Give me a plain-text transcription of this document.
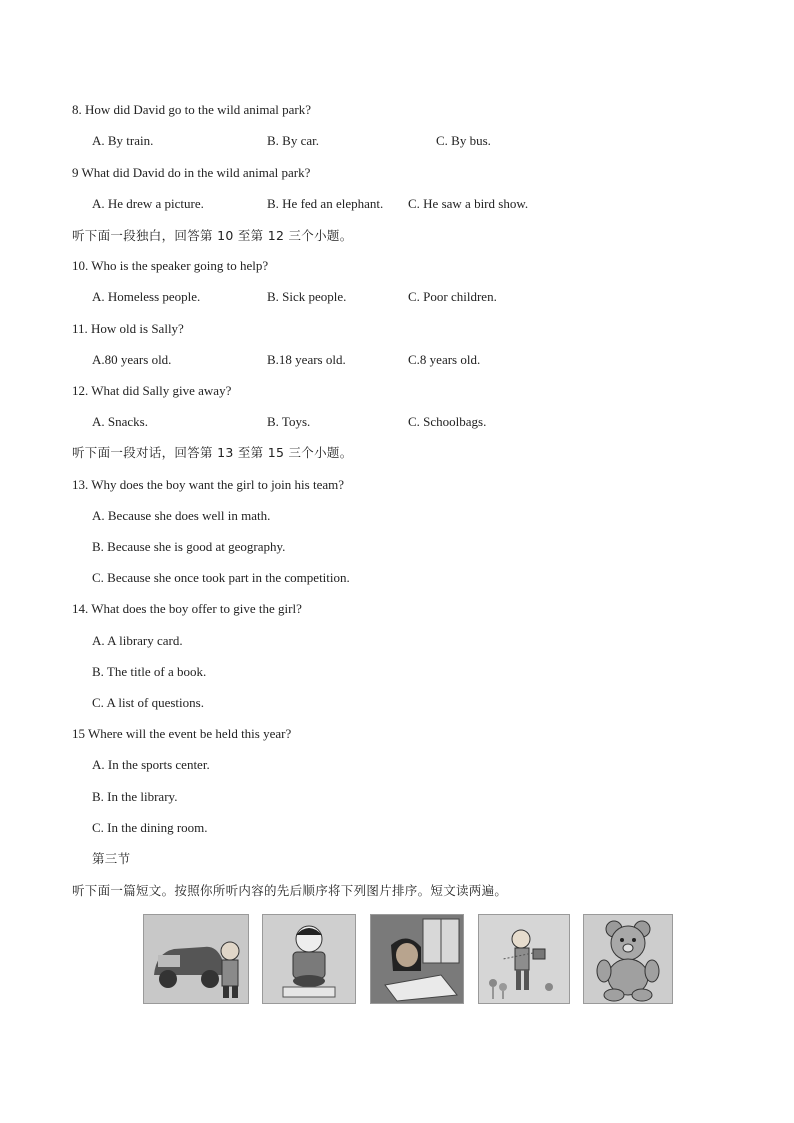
8. How did David go to the wild animal park?
A. By train.	B. By car.	C. By bus.
9 What did David do in the wild animal park?
A. He drew a picture.	B. He fed an elephant. C. He saw a bird show.
听下面一段独白，回答第 10 至第 12 三个小题。
10. Who is the speaker going to help?
A. Homeless people.	B. Sick people.	C. Poor children.
11. How old is Sally?
A.80 years old.	B.18 years old.	C.8 years old.
12. What did Sally give away?
A. Snacks.	B. Toys.	C. Schoolbags.
听下面一段对话，回答第 13 至第 15 三个小题。
13. Why does the boy want the girl to join his team?
A. Because she does well in math.
B. Because she is good at geography.
C. Because she once took part in the competition.
14. What does the boy offer to give the girl?
A. A library card.
B. The title of a book.
C. A list of questions.
15 Where will the event be held this year?
A. In the sports center.
B. In the library.
C. In the dining room.
第三节
听下面一篇短文。按照你所听内容的先后顺序将下列图片排序。短文读两遍。
